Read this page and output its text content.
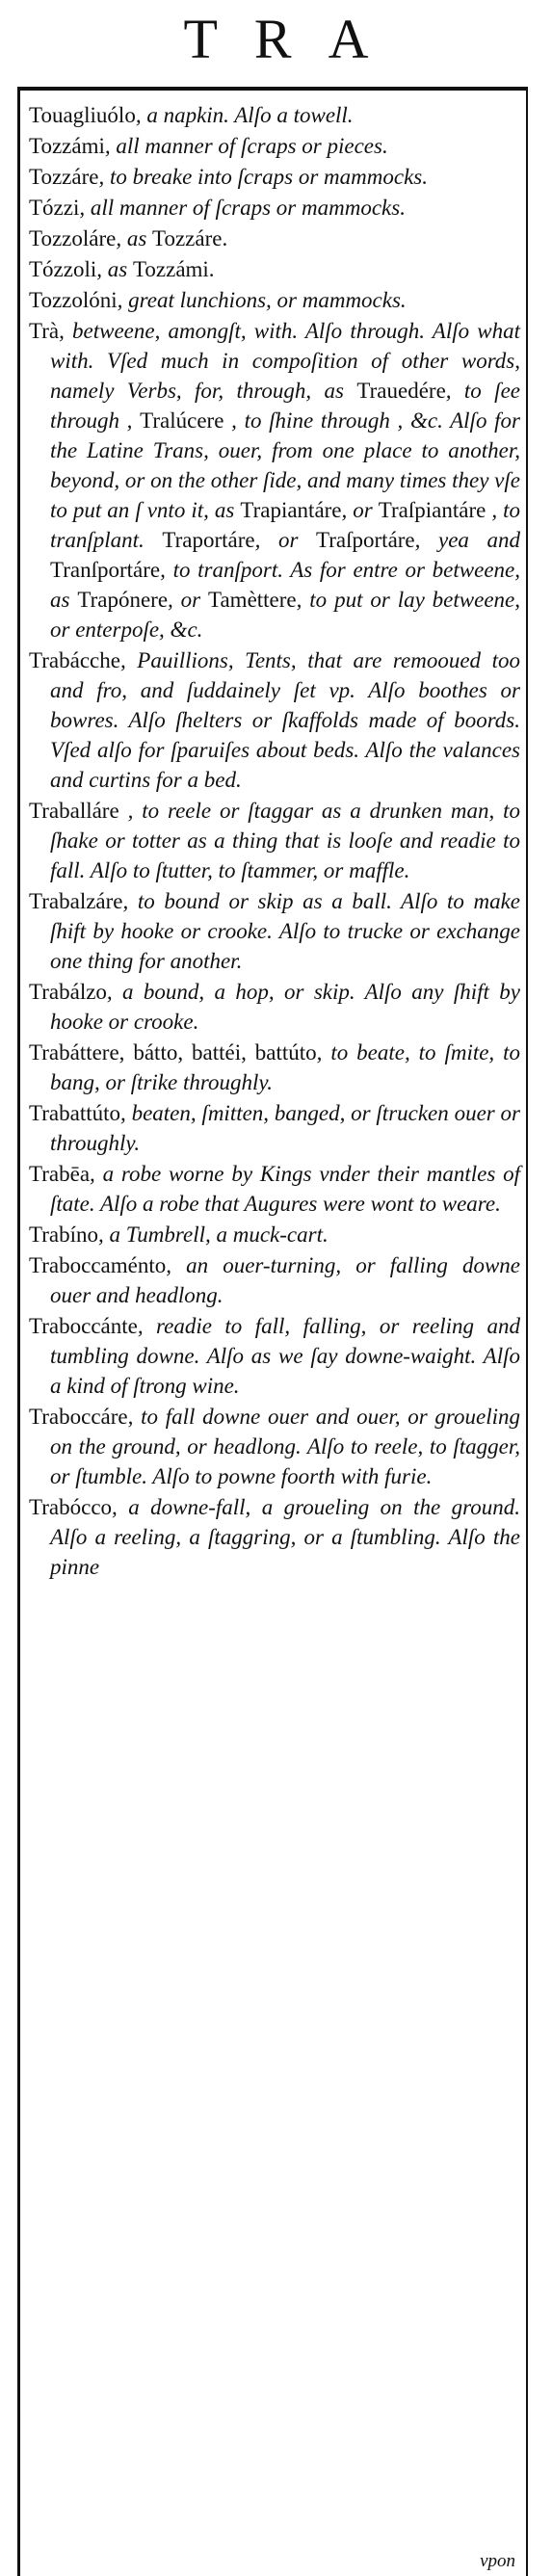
TRA
Touagliuólo, a napkin. Alſo a towell.
Tozzámi, all manner of ſcraps or pieces.
Tozzáre, to breake into ſcraps or mammocks.
Tózzi, all manner of ſcraps or mammocks.
Tozzoláre, as Tozzáre.
Tózzoli, as Tozzámi.
Tozzolóni, great lunchions, or mammocks.
Trà, betweene, amongſt, with. Alſo through. Alſo what with. Vſed much in compoſition of other words, namely Verbs, for, through, as Trauedére, to ſee through , Tralúcere , to ſhine through , &c. Alſo for the Latine Trans, ouer, from one place to another, beyond, or on the other ſide, and many times they vſe to put an ſ vnto it, as Trapiantáre, or Traſpiantáre , to tranſplant. Traportáre, or Traſportáre, yea and Tranſportáre, to tranſport. As for entre or betweene, as Trapónere, or Tamèttere, to put or lay betweene, or enterpoſe, &c.
Trabácche, Pauillions, Tents, that are remooued too and fro, and ſuddainely ſet vp. Alſo boothes or bowres. Alſo ſhelters or ſkaffolds made of boords. Vſed alſo for ſparuiſes about beds. Alſo the valances and curtins for a bed.
Traballáre , to reele or ſtaggar as a drunken man, to ſhake or totter as a thing that is looſe and readie to fall. Alſo to ſtutter, to ſtammer, or maffle.
Trabalzáre, to bound or skip as a ball. Alſo to make ſhift by hooke or crooke. Alſo to trucke or exchange one thing for another.
Trabálzo, a bound, a hop, or skip. Alſo any ſhift by hooke or crooke.
Trabáttere, bátto, battéi, battúto, to beate, to ſmite, to bang, or ſtrike throughly.
Trabattúto, beaten, ſmitten, banged, or ſtrucken ouer or throughly.
Trabēa, a robe worne by Kings vnder their mantles of ſtate. Alſo a robe that Augures were wont to weare.
Trabíno, a Tumbrell, a muck-cart.
Traboccaménto, an ouer-turning, or falling downe ouer and headlong.
Traboccánte, readie to fall, falling, or reeling and tumbling downe. Alſo as we ſay downe-waight. Alſo a kind of ſtrong wine.
Traboccáre, to fall downe ouer and ouer, or groueling on the ground, or headlong. Alſo to reele, to ſtagger, or ſtumble. Alſo to powne foorth with furie.
Trabócco, a downe-fall, a groueling on the ground. Alſo a reeling, a ſtaggring, or a ſtumbling. Alſo the pinne
vpon
